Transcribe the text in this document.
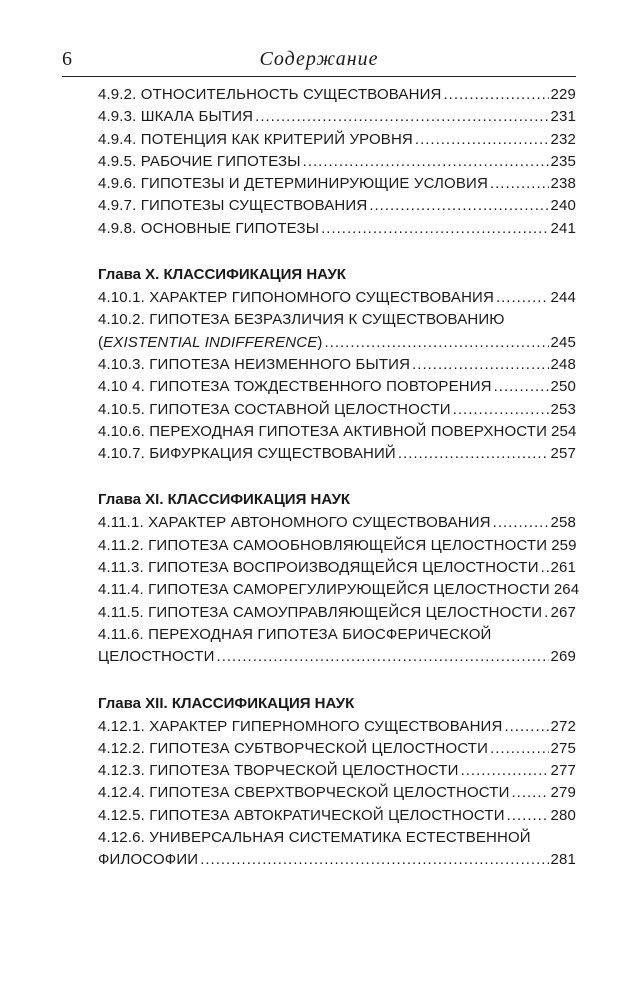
6	Содержание
4.9.2. ОТНОСИТЕЛЬНОСТЬ СУЩЕСТВОВАНИЯ .....	229
4.9.3. ШКАЛА БЫТИЯ .....	231
4.9.4. ПОТЕНЦИЯ КАК КРИТЕРИЙ УРОВНЯ .....	232
4.9.5. РАБОЧИЕ ГИПОТЕЗЫ .....	235
4.9.6. ГИПОТЕЗЫ И ДЕТЕРМИНИРУЮЩИЕ УСЛОВИЯ .....	238
4.9.7. ГИПОТЕЗЫ СУЩЕСТВОВАНИЯ .....	240
4.9.8. ОСНОВНЫЕ ГИПОТЕЗЫ .....	241
Глава X. КЛАССИФИКАЦИЯ НАУК
4.10.1. ХАРАКТЕР ГИПОНОМНОГО СУЩЕСТВОВАНИЯ .....	244
4.10.2. ГИПОТЕЗА БЕЗРАЗЛИЧИЯ К СУЩЕСТВОВАНИЮ
(EXISTENTIAL INDIFFERENCE) .....	245
4.10.3. ГИПОТЕЗА НЕИЗМЕННОГО БЫТИЯ .....	248
4.10 4. ГИПОТЕЗА ТОЖДЕСТВЕННОГО ПОВТОРЕНИЯ .....	250
4.10.5. ГИПОТЕЗА СОСТАВНОЙ ЦЕЛОСТНОСТИ .....	253
4.10.6. ПЕРЕХОДНАЯ ГИПОТЕЗА АКТИВНОЙ ПОВЕРХНОСТИ 254
4.10.7. БИФУРКАЦИЯ СУЩЕСТВОВАНИЙ .....	257
Глава XI. КЛАССИФИКАЦИЯ НАУК
4.11.1. ХАРАКТЕР АВТОНОМНОГО СУЩЕСТВОВАНИЯ .....	258
4.11.2. ГИПОТЕЗА САМООБНОВЛЯЮЩЕЙСЯ ЦЕЛОСТНОСТИ 259
4.11.3. ГИПОТЕЗА ВОСПРОИЗВОДЯЩЕЙСЯ ЦЕЛОСТНОСТИ ..... 261
4.11.4. ГИПОТЕЗА САМОРЕГУЛИРУЮЩЕЙСЯ ЦЕЛОСТНОСТИ 264
4.11.5. ГИПОТЕЗА САМОУПРАВЛЯЮЩЕЙСЯ ЦЕЛОСТНОСТИ ..... 267
4.11.6. ПЕРЕХОДНАЯ ГИПОТЕЗА БИОСФЕРИЧЕСКОЙ
ЦЕЛОСТНОСТИ .....	269
Глава XII. КЛАССИФИКАЦИЯ НАУК
4.12.1. ХАРАКТЕР ГИПЕРНОМНОГО СУЩЕСТВОВАНИЯ .....	272
4.12.2. ГИПОТЕЗА СУБТВОРЧЕСКОЙ ЦЕЛОСТНОСТИ .....	275
4.12.3. ГИПОТЕЗА ТВОРЧЕСКОЙ ЦЕЛОСТНОСТИ .....	277
4.12.4. ГИПОТЕЗА СВЕРХТВОРЧЕСКОЙ ЦЕЛОСТНОСТИ .....	279
4.12.5. ГИПОТЕЗА АВТОКРАТИЧЕСКОЙ ЦЕЛОСТНОСТИ .....	280
4.12.6. УНИВЕРСАЛЬНАЯ СИСТЕМАТИКА ЕСТЕСТВЕННОЙ
ФИЛОСОФИИ .....	281
